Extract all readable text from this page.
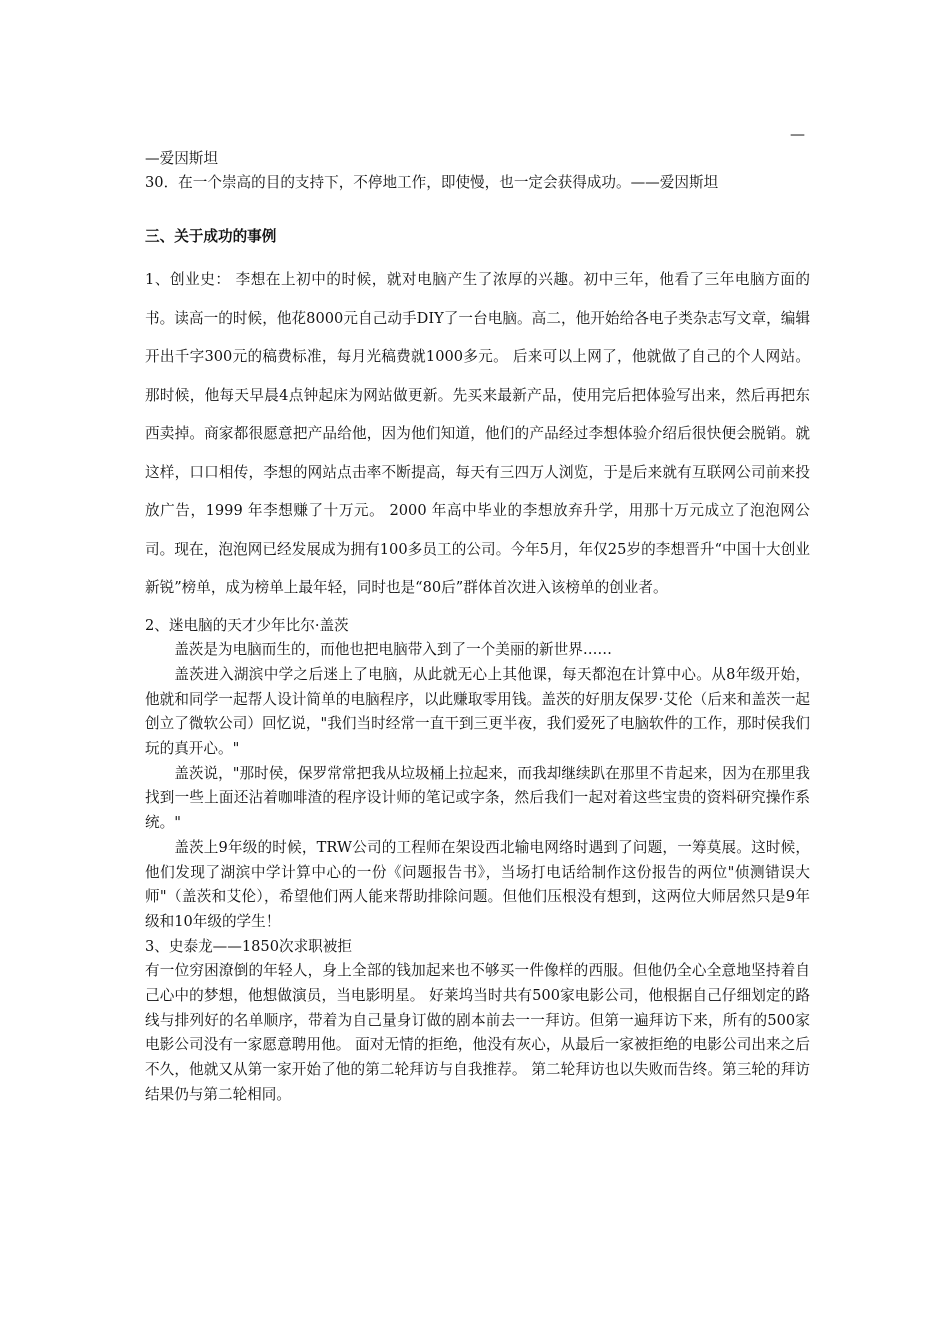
—
—爱因斯坦
30．在一个崇高的目的支持下，不停地工作，即使慢，也一定会获得成功。——爱因斯坦
三、关于成功的事例

1、创业史： 李想在上初中的时候，就对电脑产生了浓厚的兴趣。初中三年，他看了三年电脑方面的书。读高一的时候，他花8000元自己动手DIY了一台电脑。高二，他开始给各电子类杂志写文章，编辑开出千字300元的稿费标准，每月光稿费就1000多元。 后来可以上网了，他就做了自己的个人网站。那时候，他每天早晨4点钟起床为网站做更新。先买来最新产品，使用完后把体验写出来，然后再把东西卖掉。商家都很愿意把产品给他，因为他们知道，他们的产品经过李想体验介绍后很快便会脱销。就这样，口口相传，李想的网站点击率不断提高，每天有三四万人浏览，于是后来就有互联网公司前来投放广告，1999 年李想赚了十万元。 2000 年高中毕业的李想放弃升学，用那十万元成立了泡泡网公司。现在，泡泡网已经发展成为拥有100多员工的公司。今年5月，年仅25岁的李想晋升“中国十大创业新锐”榜单，成为榜单上最年轻，同时也是“80后”群体首次进入该榜单的创业者。

2、迷电脑的天才少年比尔·盖茨

盖茨是为电脑而生的，而他也把电脑带入到了一个美丽的新世界……

盖茨进入湖滨中学之后迷上了电脑，从此就无心上其他课，每天都泡在计算中心。从8年级开始，他就和同学一起帮人设计简单的电脑程序，以此赚取零用钱。盖茨的好朋友保罗·艾伦（后来和盖茨一起创立了微软公司）回忆说，"我们当时经常一直干到三更半夜，我们爱死了电脑软件的工作，那时侯我们玩的真开心。"

盖茨说，"那时侯，保罗常常把我从垃圾桶上拉起来，而我却继续趴在那里不肯起来，因为在那里我找到一些上面还沾着咖啡渣的程序设计师的笔记或字条，然后我们一起对着这些宝贵的资料研究操作系统。"

盖茨上9年级的时候，TRW公司的工程师在架设西北输电网络时遇到了问题，一筹莫展。这时候，他们发现了湖滨中学计算中心的一份《问题报告书》，当场打电话给制作这份报告的两位"侦测错误大师"（盖茨和艾伦），希望他们两人能来帮助排除问题。但他们压根没有想到，这两位大师居然只是9年级和10年级的学生！

3、史泰龙——1850次求职被拒

有一位穷困潦倒的年轻人，身上全部的钱加起来也不够买一件像样的西服。但他仍全心全意地坚持着自己心中的梦想，他想做演员，当电影明星。 好莱坞当时共有500家电影公司，他根据自己仔细划定的路线与排列好的名单顺序，带着为自己量身订做的剧本前去一一拜访。但第一遍拜访下来，所有的500家电影公司没有一家愿意聘用他。 面对无情的拒绝，他没有灰心，从最后一家被拒绝的电影公司出来之后不久，他就又从第一家开始了他的第二轮拜访与自我推荐。 第二轮拜访也以失败而告终。第三轮的拜访结果仍与第二轮相同。
